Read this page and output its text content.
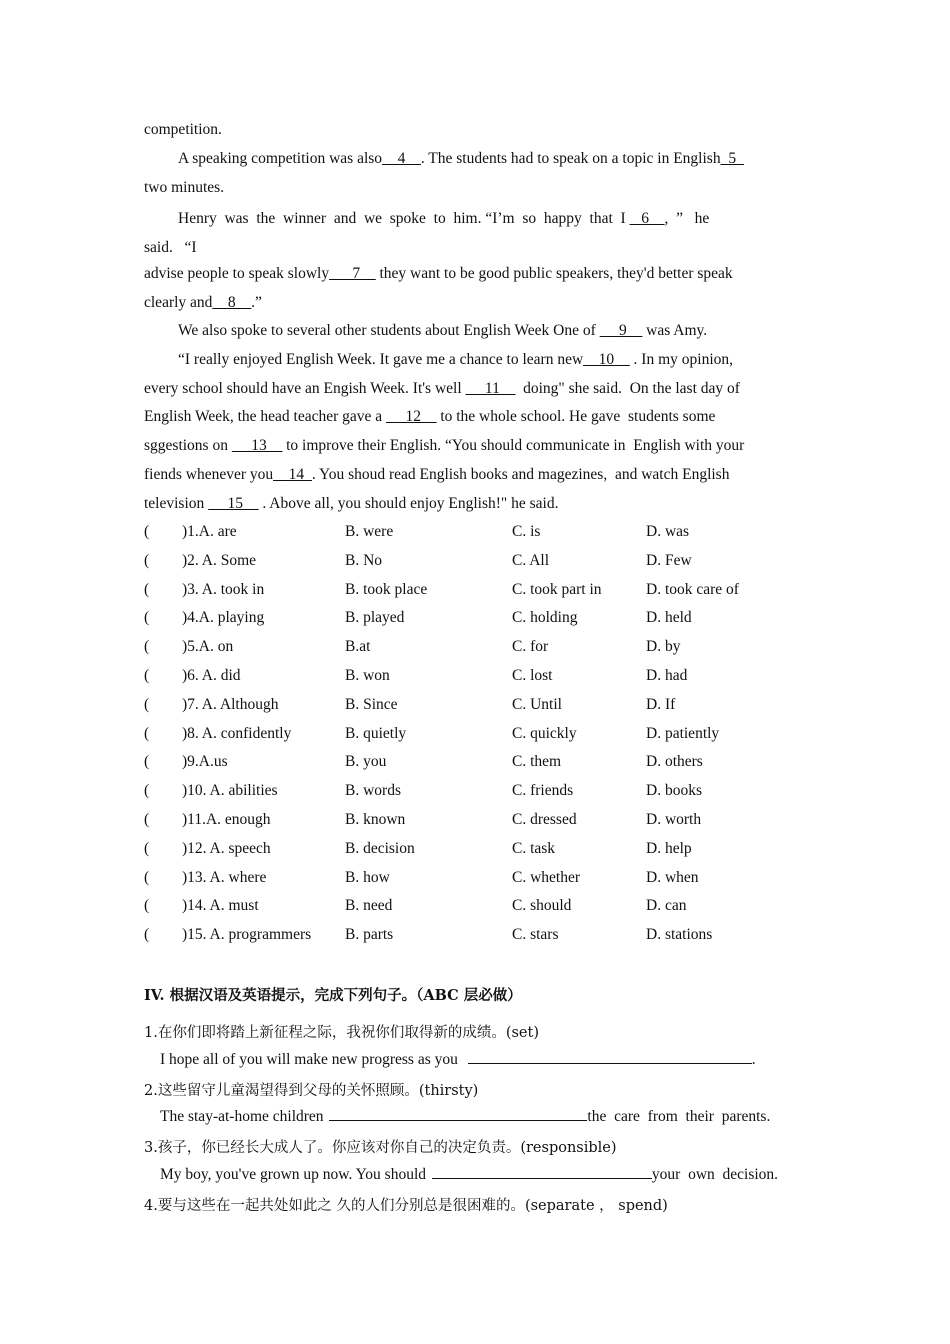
competition.
A speaking competition was also__4__. The students had to speak on a topic in English_5_
two minutes.
Henry  was  the  winner  and  we  spoke  to  him. “I’m  so  happy  that  I  _6__,  ”   he
said.   “I
advise people to speak slowly___7__ they want to be good public speakers, they'd better speak
clearly and__8__.”
We also spoke to several other students about English Week One of  __9__ was Amy.
“I really enjoyed English Week. It gave me a chance to learn new__10__ . In my opinion,
every school should have an Engish Week. It's well  __11__  doing" she said.  On the last day of
English Week, the head teacher gave a  __12__ to the whole school. He gave  students some
sggestions on  __13__ to improve their English. “You should communicate in  English with your
fiends whenever you__14_. You shoud read English books and magezines,  and watch English
television  __15__ . Above all, you should enjoy English!" he said.
( )1.A. are	B. were	C. is	D. was
( )2. A. Some	B. No	C. All	D. Few
( )3. A. took in	B. took place	C. took part in	D. took care of
( )4.A. playing	B. played	C. holding	D. held
( )5.A. on	B.at	C. for	D. by
( )6. A. did	B. won	C. lost	D. had
( )7. A. Although	B. Since	C. Until	D. If
( )8. A. confidently	B. quietly	C. quickly	D. patiently
( )9.A.us	B. you	C. them	D. others
( )10. A. abilities	B. words	C. friends	D. books
( )11.A. enough	B. known	C. dressed	D. worth
( )12. A. speech	B. decision	C. task	D. help
( )13. A. where	B. how	C. whether	D. when
( )14. A. must	B. need	C. should	D. can
( )15. A. programmers B. parts	C. stars	D. stations
IV. 根据汉语及英语提示，完成下列句子。（ABC 层必做）
1.在你们即将踏上新征程之际，我祝你们取得新的成绩。(set)
I hope all of you will make new progress as you	.
2.这些留守儿童渴望得到父母的关怀照顾。(thirsty)
The stay-at-home children	the  care  from  their  parents.
3.孩子，你已经长大成人了。你应该对你自己的决定负责。(responsible)
My boy, you've grown up now. You should	your  own  decision.
4.要与这些在一起共处如此之 久的人们分别总是很困难的。(separate ， spend)
